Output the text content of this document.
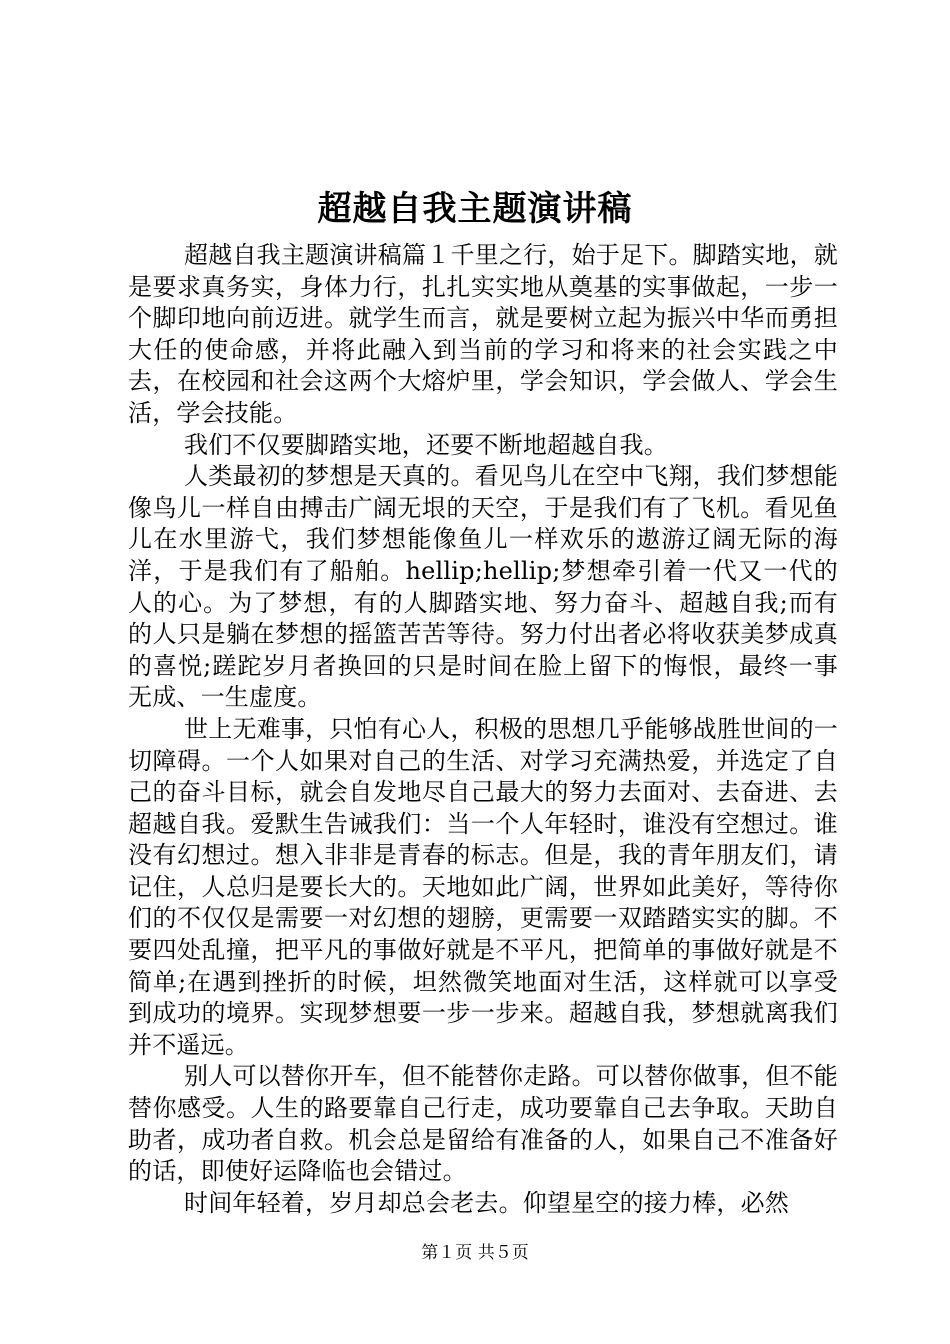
超越自我主题演讲稿

超越自我主题演讲稿篇１千里之行，始于足下。脚踏实地，就是要求真务实，身体力行，扎扎实实地从奠基的实事做起，一步一个脚印地向前迈进。就学生而言，就是要树立起为振兴中华而勇担大任的使命感，并将此融入到当前的学习和将来的社会实践之中去，在校园和社会这两个大熔炉里，学会知识，学会做人、学会生活，学会技能。

我们不仅要脚踏实地，还要不断地超越自我。

人类最初的梦想是天真的。看见鸟儿在空中飞翔，我们梦想能像鸟儿一样自由搏击广阔无垠的天空，于是我们有了飞机。看见鱼儿在水里游弋，我们梦想能像鱼儿一样欢乐的遨游辽阔无际的海洋，于是我们有了船舶。hellip;hellip;梦想牵引着一代又一代的人的心。为了梦想，有的人脚踏实地、努力奋斗、超越自我;而有的人只是躺在梦想的摇篮苦苦等待。努力付出者必将收获美梦成真的喜悦;蹉跎岁月者换回的只是时间在脸上留下的悔恨，最终一事无成、一生虚度。

世上无难事，只怕有心人，积极的思想几乎能够战胜世间的一切障碍。一个人如果对自己的生活、对学习充满热爱，并选定了自己的奋斗目标，就会自发地尽自己最大的努力去面对、去奋进、去超越自我。爱默生告诫我们：当一个人年轻时，谁没有空想过。谁没有幻想过。想入非非是青春的标志。但是，我的青年朋友们，请记住，人总归是要长大的。天地如此广阔，世界如此美好，等待你们的不仅仅是需要一对幻想的翅膀，更需要一双踏踏实实的脚。不要四处乱撞，把平凡的事做好就是不平凡，把简单的事做好就是不简单;在遇到挫折的时候，坦然微笑地面对生活，这样就可以享受到成功的境界。实现梦想要一步一步来。超越自我，梦想就离我们并不遥远。

别人可以替你开车，但不能替你走路。可以替你做事，但不能替你感受。人生的路要靠自己行走，成功要靠自己去争取。天助自助者，成功者自救。机会总是留给有准备的人，如果自己不准备好的话，即使好运降临也会错过。

时间年轻着，岁月却总会老去。仰望星空的接力棒，必然

第１页 共５页
